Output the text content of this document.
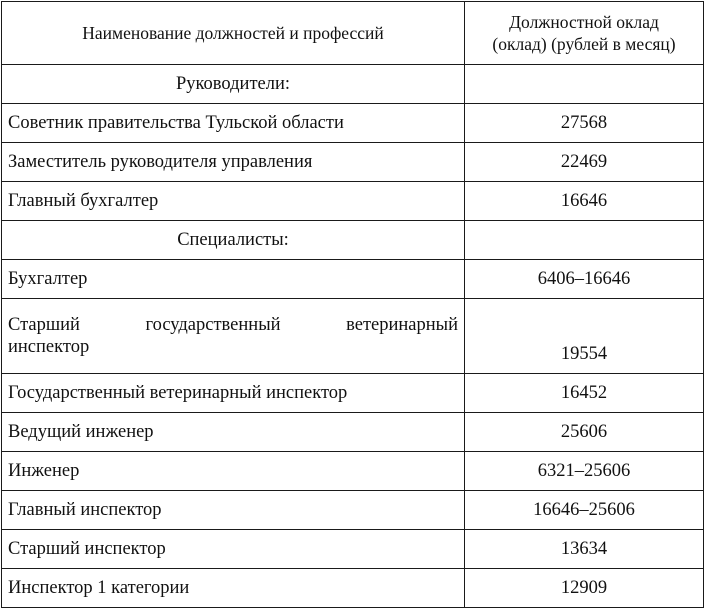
Наименование должностей и профессий	Должностной оклад
(оклад) (рублей в месяц)

Руководители:	
Советник правительства Тульской области	27568
Заместитель руководителя управления	22469
Главный бухгалтер	16646
Специалисты:	
Бухгалтер	6406–16646

Старший государственный ветеринарный
инспектор	19554
Государственный ветеринарный инспектор	16452
Ведущий инженер	25606
Инженер	6321–25606
Главный инспектор	16646–25606
Старший инспектор	13634
Инспектор 1 категории	12909
